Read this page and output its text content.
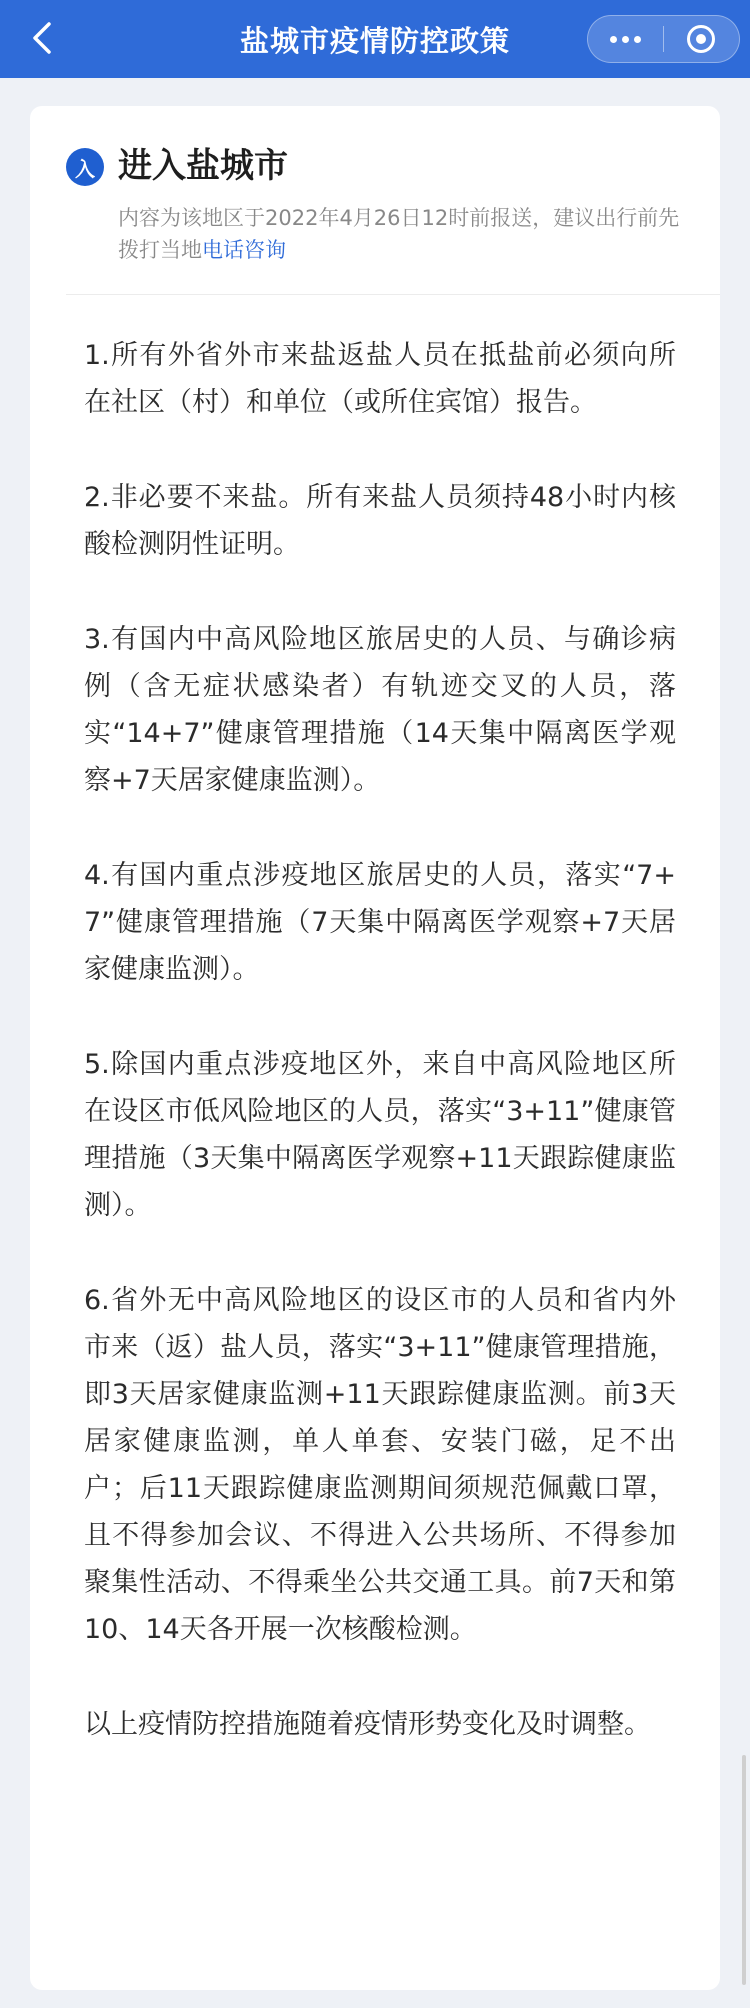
盐城市疫情防控政策
入 进入盐城市
内容为该地区于2022年4月26日12时前报送，建议出行前先拨打当地电话咨询
1.所有外省外市来盐返盐人员在抵盐前必须向所在社区（村）和单位（或所住宾馆）报告。
2.非必要不来盐。所有来盐人员须持48小时内核酸检测阴性证明。
3.有国内中高风险地区旅居史的人员、与确诊病例（含无症状感染者）有轨迹交叉的人员，落实“14+7”健康管理措施（14天集中隔离医学观察+7天居家健康监测）。
4.有国内重点涉疫地区旅居史的人员，落实“7+7”健康管理措施（7天集中隔离医学观察+7天居家健康监测）。
5.除国内重点涉疫地区外，来自中高风险地区所在设区市低风险地区的人员，落实“3+11”健康管理措施（3天集中隔离医学观察+11天跟踪健康监测）。
6.省外无中高风险地区的设区市的人员和省内外市来（返）盐人员，落实“3+11”健康管理措施，即3天居家健康监测+11天跟踪健康监测。前3天居家健康监测，单人单套、安装门磁，足不出户；后11天跟踪健康监测期间须规范佩戴口罩，且不得参加会议、不得进入公共场所、不得参加聚集性活动、不得乘坐公共交通工具。前7天和第10、14天各开展一次核酸检测。
以上疫情防控措施随着疫情形势变化及时调整。
